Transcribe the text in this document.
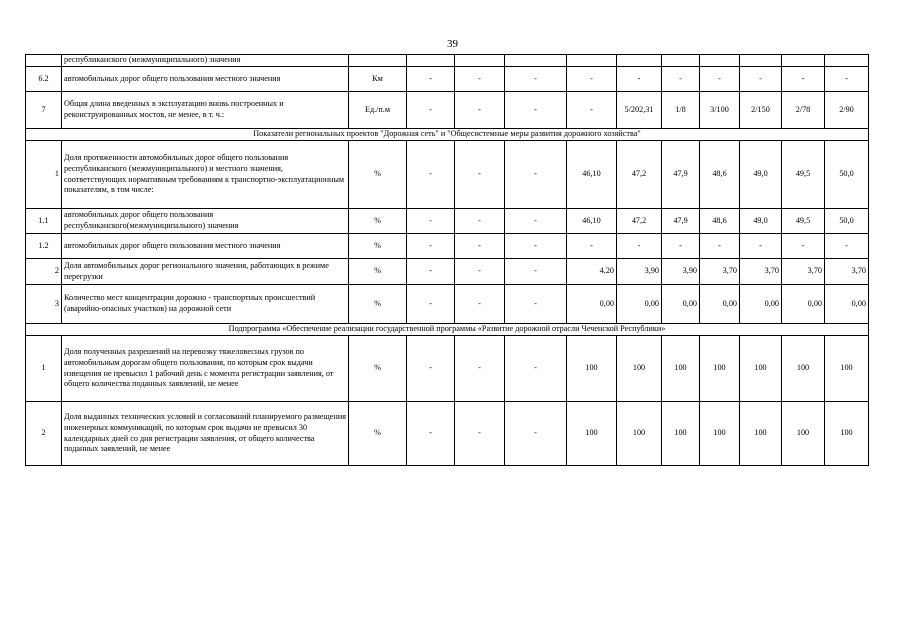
39
	республиканского (межмуниципального) значения											
6.2	автомобильных дорог общего пользования местного значения	Км	-	-	-	-	-	-	-	-	-	-
7	Общая длина введенных в эксплуатацию вновь построенных и реконструированных мостов, не менее, в т. ч.:	Ед./п.м	-	-	-	-	5/202,31	1/8	3/100	2/150	2/78	2/90
Показатели региональных проектов "Дорожная сеть" и "Общесистемные меры развития дорожного хозяйства"												
1	Доля протяженности автомобильных дорог общего пользования республиканского (межмуниципального) и местного значения, соответствующих нормативным требованиям к транспортно-эксплуатационным показателям, в том числе:	%	-	-	-	46,10	47,2	47,9	48,6	49,0	49,5	50,0
1.1	автомобильных дорог общего пользования республиканского(межмуниципального) значения	%	-	-	-	46,10	47,2	47,9	48,6	49,0	49,5	50,0
1.2	автомобильных дорог общего пользования местного значения	%	-	-	-	-	-	-	-	-	-	-
2	Доля автомобильных дорог регионального значения, работающих в режиме перегрузки	%	-	-	-	4,20	3,90	3,90	3,70	3,70	3,70	3,70
3	Количество мест концентрации дорожно - транспортных происшествий (аварийно-опасных участков) на дорожной сети	%	-	-	-	0,00	0,00	0,00	0,00	0,00	0,00	0,00
Подпрограмма «Обеспечение реализации государственной программы «Развитие дорожной отрасли Чеченской Республики»												
1	Доля полученных разрешений на перевозку тяжеловесных грузов по автомобильным дорогам общего пользования, по которым срок выдачи извещения не превысил 1 рабочий день с момента регистрации заявления, от общего количества поданных заявлений, не менее	%	-	-	-	100	100	100	100	100	100	100
2	Доля выданных технических условий и согласований планируемого размещения инженерных коммуникаций, по которым срок выдачи не превысил 30 календарных дней со дня регистрации заявления, от общего количества поданных заявлений, не менее	%	-	-	-	100	100	100	100	100	100	100
